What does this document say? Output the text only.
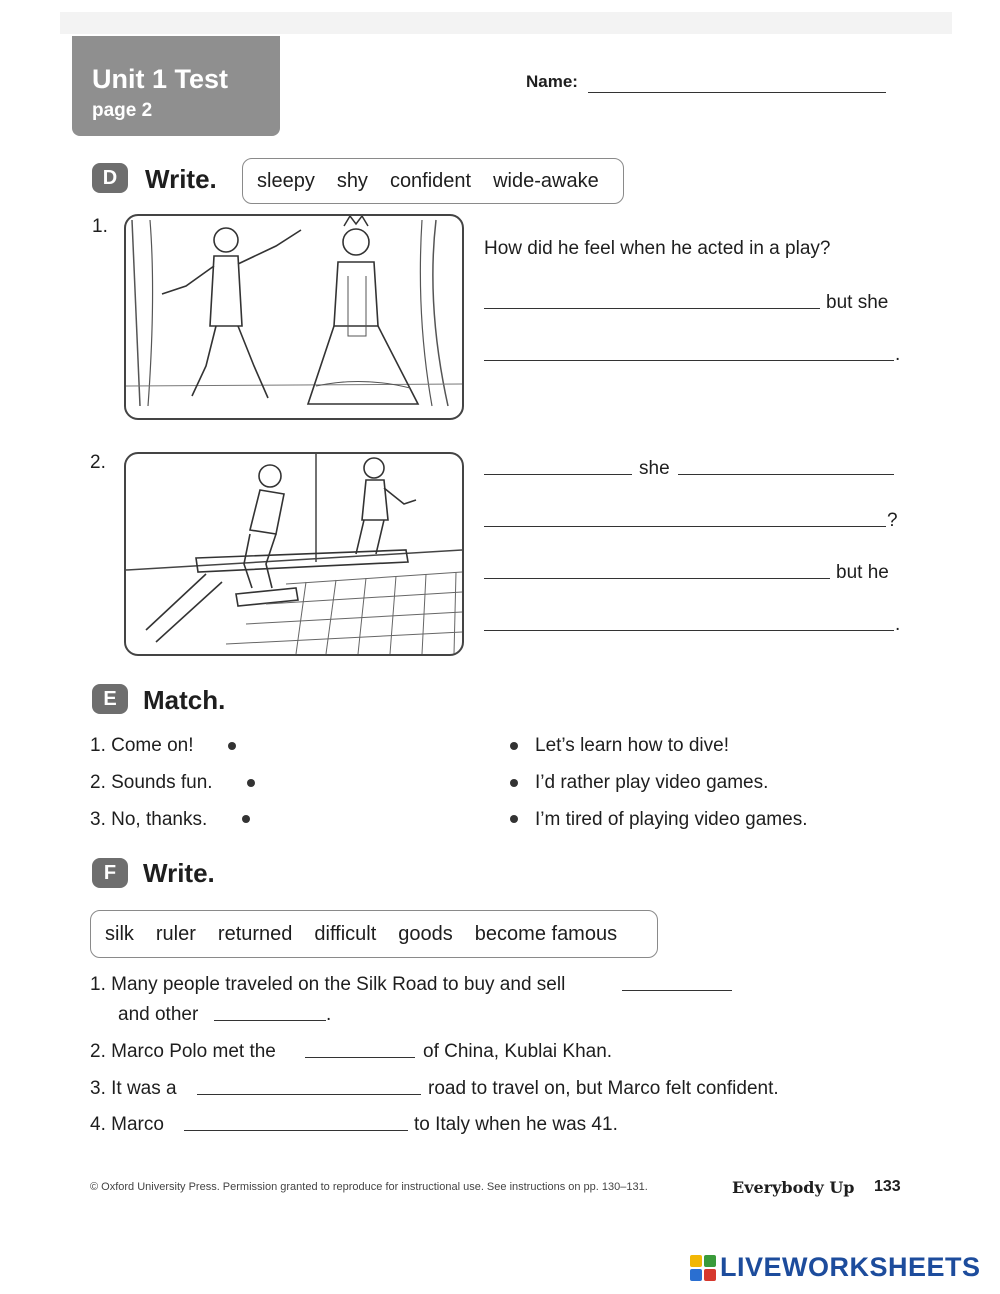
Unit 1 Test
page 2
Name:
D	Write. sleepy shy confident wide-awake
1.
How did he feel when he acted in a play?
but she
.
2.	she
?
but he
.
E	Match.
1. Come on!
2. Sounds fun.
3. No, thanks.
Let’s learn how to dive!
I’d rather play video games.
I’m tired of playing video games.
F	Write.
silk ruler returned difficult goods become famous
1. Many people traveled on the Silk Road to buy and sell
and other	.
2. Marco Polo met the	of China, Kublai Khan.
3. It was a	road to travel on, but Marco felt confident.
4. Marco	to Italy when he was 41.
© Oxford University Press. Permission granted to reproduce for instructional use. See instructions on pp. 130–131.	Everybody Up 133
LIVEWORKSHEETS
